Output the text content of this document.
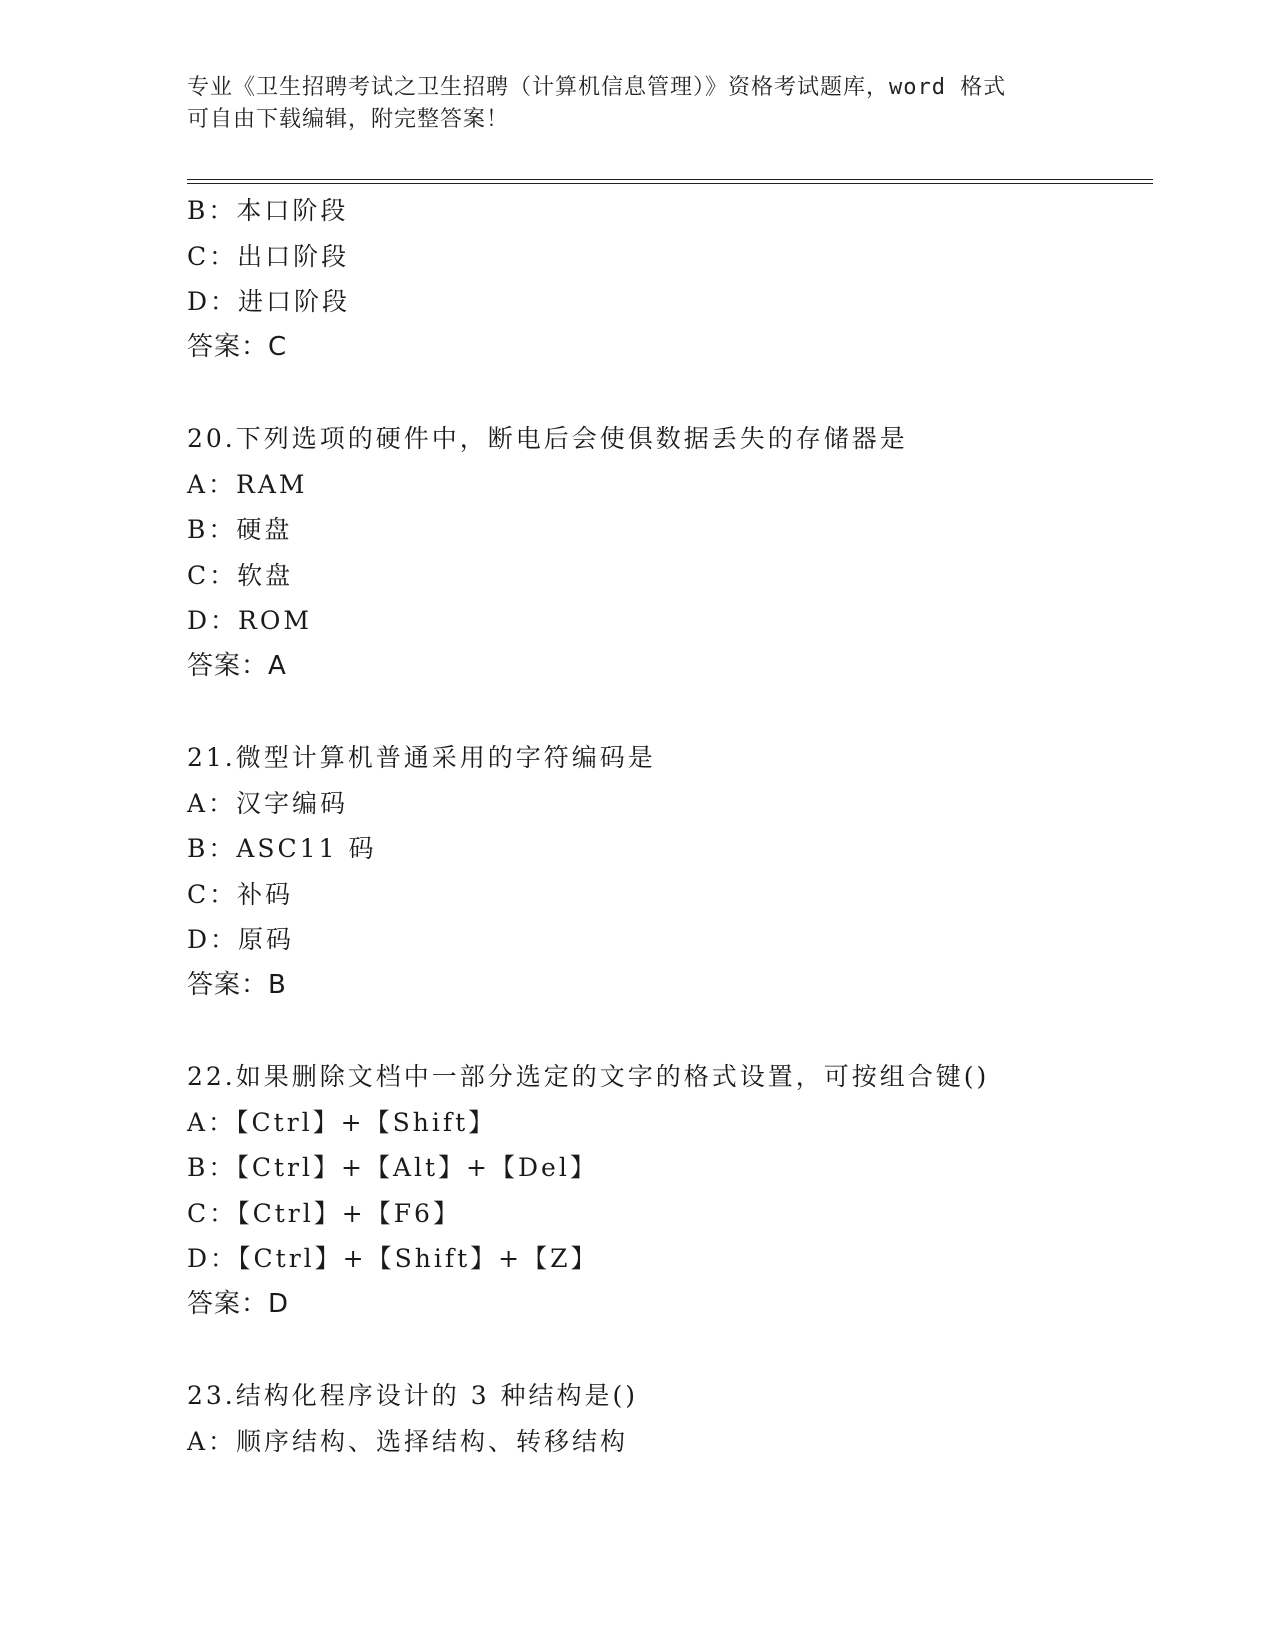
专业《卫生招聘考试之卫生招聘（计算机信息管理）》资格考试题库，word 格式
可自由下载编辑，附完整答案！
B：本口阶段
C：出口阶段
D：进口阶段
答案：C
20.下列选项的硬件中，断电后会使俱数据丢失的存储器是
A：RAM
B：硬盘
C：软盘
D：ROM
答案：A
21.微型计算机普通采用的字符编码是
A：汉字编码
B：ASC11 码
C：补码
D：原码
答案：B
22.如果删除文档中一部分选定的文字的格式设置，可按组合键()
A：【Ctrl】+【Shift】
B：【Ctrl】+【Alt】+【Del】
C：【Ctrl】+【F6】
D：【Ctrl】+【Shift】+【Z】
答案：D
23.结构化程序设计的 3 种结构是()
A：顺序结构、选择结构、转移结构
